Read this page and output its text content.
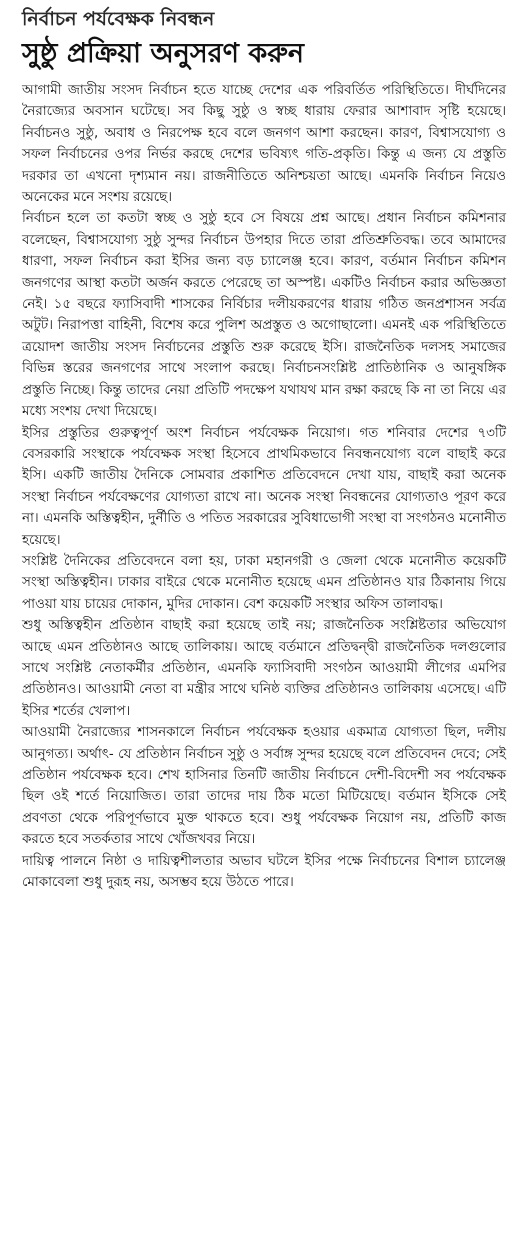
নির্বাচন পর্যবেক্ষক নিবন্ধন
সুষ্ঠু প্রক্রিয়া অনুসরণ করুন

আগামী জাতীয় সংসদ নির্বাচন হতে যাচ্ছে দেশের এক পরিবর্তিত পরিস্থিতিতে। দীর্ঘদিনের নৈরাজ্যের অবসান ঘটেছে। সব কিছু সুষ্ঠু ও স্বচ্ছ ধারায় ফেরার আশাবাদ সৃষ্টি হয়েছে। নির্বাচনও সুষ্ঠু, অবাধ ও নিরপেক্ষ হবে বলে জনগণ আশা করছেন। কারণ, বিশ্বাসযোগ্য ও সফল নির্বাচনের ওপর নির্ভর করছে দেশের ভবিষ্যৎ গতি-প্রকৃতি। কিন্তু এ জন্য যে প্রস্তুতি দরকার তা এখনো দৃশ্যমান নয়। রাজনীতিতে অনিশ্চয়তা আছে। এমনকি নির্বাচন নিয়েও অনেকের মনে সংশয় রয়েছে।

নির্বাচন হলে তা কতটা স্বচ্ছ ও সুষ্ঠু হবে সে বিষয়ে প্রশ্ন আছে। প্রধান নির্বাচন কমিশনার বলেছেন, বিশ্বাসযোগ্য সুষ্ঠু সুন্দর নির্বাচন উপহার দিতে তারা প্রতিশ্রুতিবদ্ধ। তবে আমাদের ধারণা, সফল নির্বাচন করা ইসির জন্য বড় চ্যালেঞ্জ হবে। কারণ, বর্তমান নির্বাচন কমিশন জনগণের আস্থা কতটা অর্জন করতে পেরেছে তা অস্পষ্ট। একটিও নির্বাচন করার অভিজ্ঞতা নেই। ১৫ বছরে ফ্যাসিবাদী শাসকের নির্বিচার দলীয়করণের ধারায় গঠিত জনপ্রশাসন সর্বত্র অটুট। নিরাপত্তা বাহিনী, বিশেষ করে পুলিশ অপ্রস্তুত ও অগোছালো। এমনই এক পরিস্থিতিতে ত্রয়োদশ জাতীয় সংসদ নির্বাচনের প্রস্তুতি শুরু করেছে ইসি। রাজনৈতিক দলসহ সমাজের বিভিন্ন স্তরের জনগণের সাথে সংলাপ করছে। নির্বাচনসংশ্লিষ্ট প্রাতিষ্ঠানিক ও আনুষঙ্গিক প্রস্তুতি নিচ্ছে। কিন্তু তাদের নেয়া প্রতিটি পদক্ষেপ যথাযথ মান রক্ষা করছে কি না তা নিয়ে এর মধ্যে সংশয় দেখা দিয়েছে।

ইসির প্রস্তুতির গুরুত্বপূর্ণ অংশ নির্বাচন পর্যবেক্ষক নিয়োগ। গত শনিবার দেশের ৭৩টি বেসরকারি সংস্থাকে পর্যবেক্ষক সংস্থা হিসেবে প্রাথমিকভাবে নিবন্ধনযোগ্য বলে বাছাই করে ইসি। একটি জাতীয় দৈনিকে সোমবার প্রকাশিত প্রতিবেদনে দেখা যায়, বাছাই করা অনেক সংস্থা নির্বাচন পর্যবেক্ষণের যোগ্যতা রাখে না। অনেক সংস্থা নিবন্ধনের যোগ্যতাও পূরণ করে না। এমনকি অস্তিত্বহীন, দুর্নীতি ও পতিত সরকারের সুবিধাভোগী সংস্থা বা সংগঠনও মনোনীত হয়েছে।

সংশ্লিষ্ট দৈনিকের প্রতিবেদনে বলা হয়, ঢাকা মহানগরী ও জেলা থেকে মনোনীত কয়েকটি সংস্থা অস্তিত্বহীন। ঢাকার বাইরে থেকে মনোনীত হয়েছে এমন প্রতিষ্ঠানও যার ঠিকানায় গিয়ে পাওয়া যায় চায়ের দোকান, মুদির দোকান। বেশ কয়েকটি সংস্থার অফিস তালাবদ্ধ।

শুধু অস্তিত্বহীন প্রতিষ্ঠান বাছাই করা হয়েছে তাই নয়; রাজনৈতিক সংশ্লিষ্টতার অভিযোগ আছে এমন প্রতিষ্ঠানও আছে তালিকায়। আছে বর্তমানে প্রতিদ্বন্দ্বী রাজনৈতিক দলগুলোর সাথে সংশ্লিষ্ট নেতাকর্মীর প্রতিষ্ঠান, এমনকি ফ্যাসিবাদী সংগঠন আওয়ামী লীগের এমপির প্রতিষ্ঠানও। আওয়ামী নেতা বা মন্ত্রীর সাথে ঘনিষ্ঠ ব্যক্তির প্রতিষ্ঠানও তালিকায় এসেছে। এটি ইসির শর্তের খেলাপ।

আওয়ামী নৈরাজ্যের শাসনকালে নির্বাচন পর্যবেক্ষক হওয়ার একমাত্র যোগ্যতা ছিল, দলীয় আনুগত্য। অর্থাৎ- যে প্রতিষ্ঠান নির্বাচন সুষ্ঠু ও সর্বাঙ্গ সুন্দর হয়েছে বলে প্রতিবেদন দেবে; সেই প্রতিষ্ঠান পর্যবেক্ষক হবে। শেখ হাসিনার তিনটি জাতীয় নির্বাচনে দেশী-বিদেশী সব পর্যবেক্ষক ছিল ওই শর্তে নিয়োজিত। তারা তাদের দায় ঠিক মতো মিটিয়েছে। বর্তমান ইসিকে সেই প্রবণতা থেকে পরিপূর্ণভাবে মুক্ত থাকতে হবে। শুধু পর্যবেক্ষক নিয়োগ নয়, প্রতিটি কাজ করতে হবে সতর্কতার সাথে খোঁজখবর নিয়ে।

দায়িত্ব পালনে নিষ্ঠা ও দায়িত্বশীলতার অভাব ঘটলে ইসির পক্ষে নির্বাচনের বিশাল চ্যালেঞ্জ মোকাবেলা শুধু দুরূহ নয়, অসম্ভব হয়ে উঠতে পারে।
